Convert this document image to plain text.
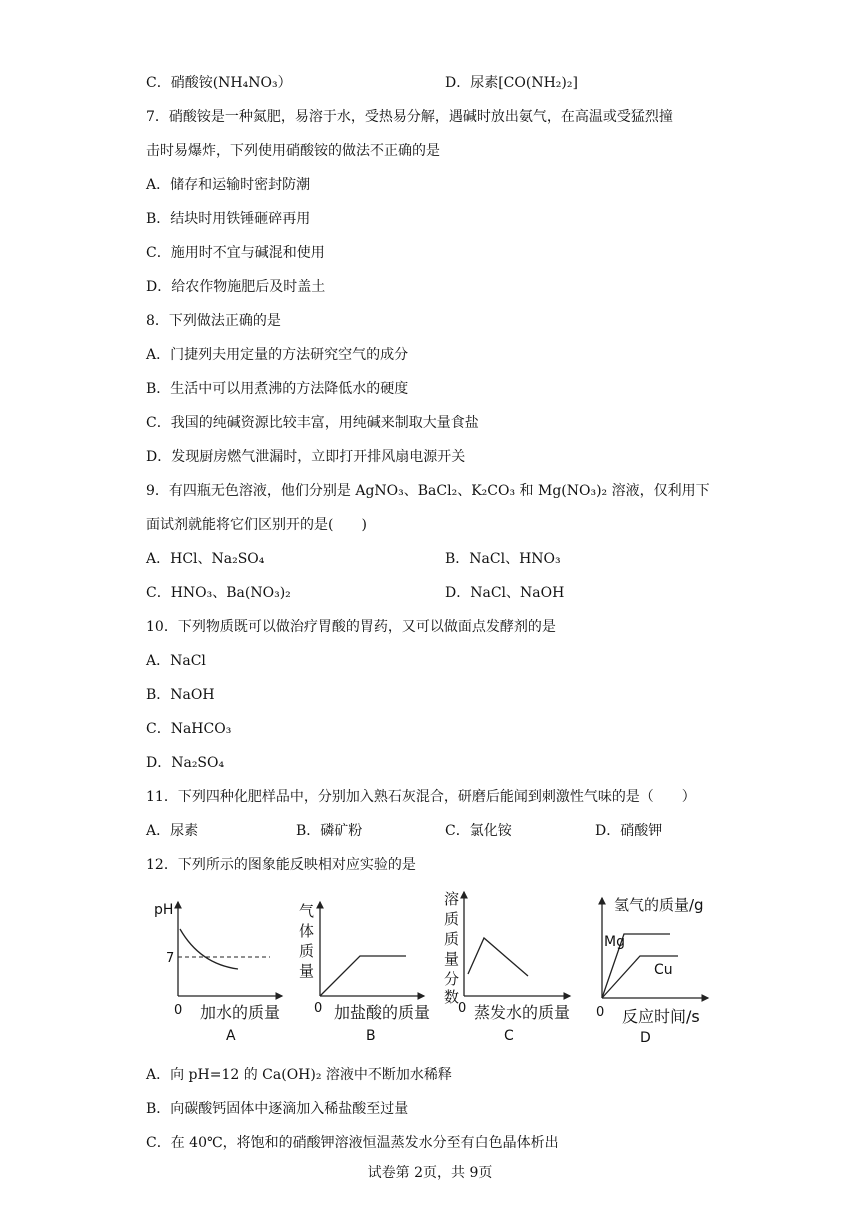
C．硝酸铵(NH₄NO₃）	D．尿素[CO(NH₂)₂]
7．硝酸铵是一种氮肥，易溶于水，受热易分解，遇碱时放出氨气，在高温或受猛烈撞
击时易爆炸，下列使用硝酸铵的做法不正确的是
A．储存和运输时密封防潮
B．结块时用铁锤砸碎再用
C．施用时不宜与碱混和使用
D．给农作物施肥后及时盖土
8．下列做法正确的是
A．门捷列夫用定量的方法研究空气的成分
B．生活中可以用煮沸的方法降低水的硬度
C．我国的纯碱资源比较丰富，用纯碱来制取大量食盐
D．发现厨房燃气泄漏时，立即打开排风扇电源开关
9．有四瓶无色溶液，他们分别是 AgNO₃、BaCl₂、K₂CO₃ 和 Mg(NO₃)₂ 溶液，仅利用下
面试剂就能将它们区别开的是(　　)
A．HCl、Na₂SO₄	B．NaCl、HNO₃
C．HNO₃、Ba(NO₃)₂	D．NaCl、NaOH
10．下列物质既可以做治疗胃酸的胃药，又可以做面点发酵剂的是
A．NaCl
B．NaOH
C．NaHCO₃
D．Na₂SO₄
11．下列四种化肥样品中，分别加入熟石灰混合，研磨后能闻到刺激性气味的是（　　）
A．尿素	B．磷矿粉	C．氯化铵	D．硝酸钾
12．下列所示的图象能反映相对应实验的是
pH
7
0 加水的质量
A
气
体
质
量
0 加盐酸的质量
B
溶
质
质
量
分
数
0 蒸发水的质量
C
氢气的质量/g
Mg
Cu
0 反应时间/s
D
A．向 pH=12 的 Ca(OH)₂ 溶液中不断加水稀释
B．向碳酸钙固体中逐滴加入稀盐酸至过量
C．在 40℃，将饱和的硝酸钾溶液恒温蒸发水分至有白色晶体析出
试卷第 2页，共 9页
